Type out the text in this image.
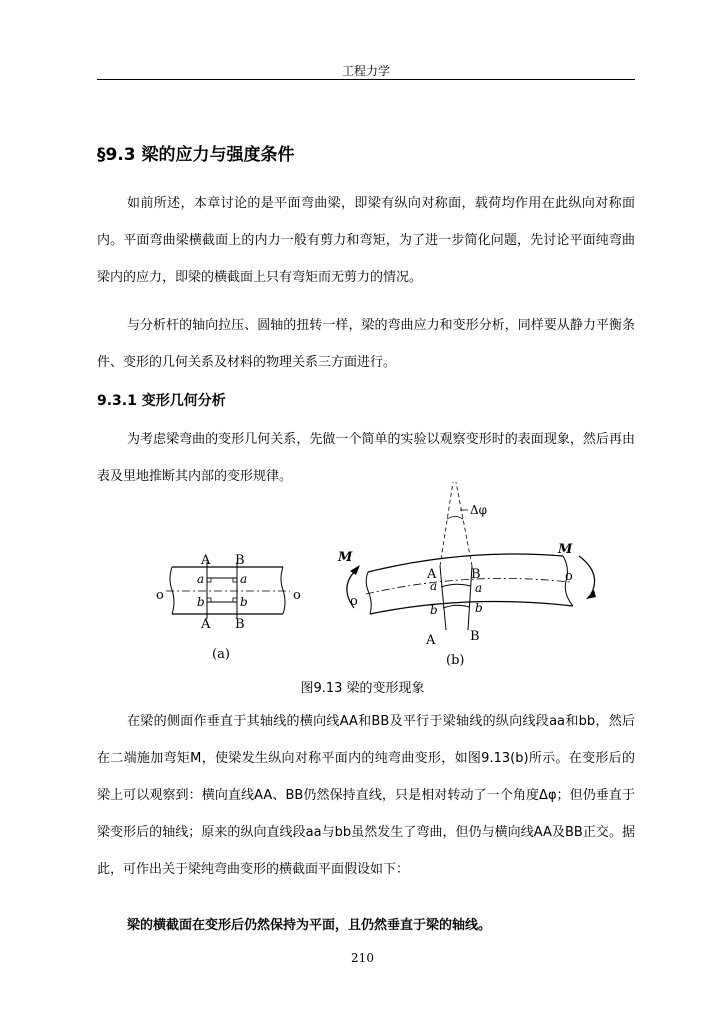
工程力学
§9.3 梁的应力与强度条件
如前所述，本章讨论的是平面弯曲梁，即梁有纵向对称面，载荷均作用在此纵向对称面内。平面弯曲梁横截面上的内力一般有剪力和弯矩，为了进一步简化问题，先讨论平面纯弯曲梁内的应力，即梁的横截面上只有弯矩而无剪力的情况。
与分析杆的轴向拉压、圆轴的扭转一样，梁的弯曲应力和变形分析，同样要从静力平衡条件、变形的几何关系及材料的物理关系三方面进行。
9.3.1 变形几何分析
为考虑梁弯曲的变形几何关系，先做一个简单的实验以观察变形时的表面现象，然后再由表及里地推断其内部的变形规律。
A B
A B
a	a
b	b
o	o
(a)
M
M
Δφ
A	B
A	B
a	a
b	b
o
o
(b)
图9.13 梁的变形现象
在梁的侧面作垂直于其轴线的横向线AA和BB及平行于梁轴线的纵向线段aa和bb，然后在二端施加弯矩M，使梁发生纵向对称平面内的纯弯曲变形，如图9.13(b)所示。在变形后的梁上可以观察到：横向直线AA、BB仍然保持直线，只是相对转动了一个角度Δφ；但仍垂直于梁变形后的轴线；原来的纵向直线段aa与bb虽然发生了弯曲，但仍与横向线AA及BB正交。据此，可作出关于梁纯弯曲变形的横截面平面假设如下：
梁的横截面在变形后仍然保持为平面，且仍然垂直于梁的轴线。
210
